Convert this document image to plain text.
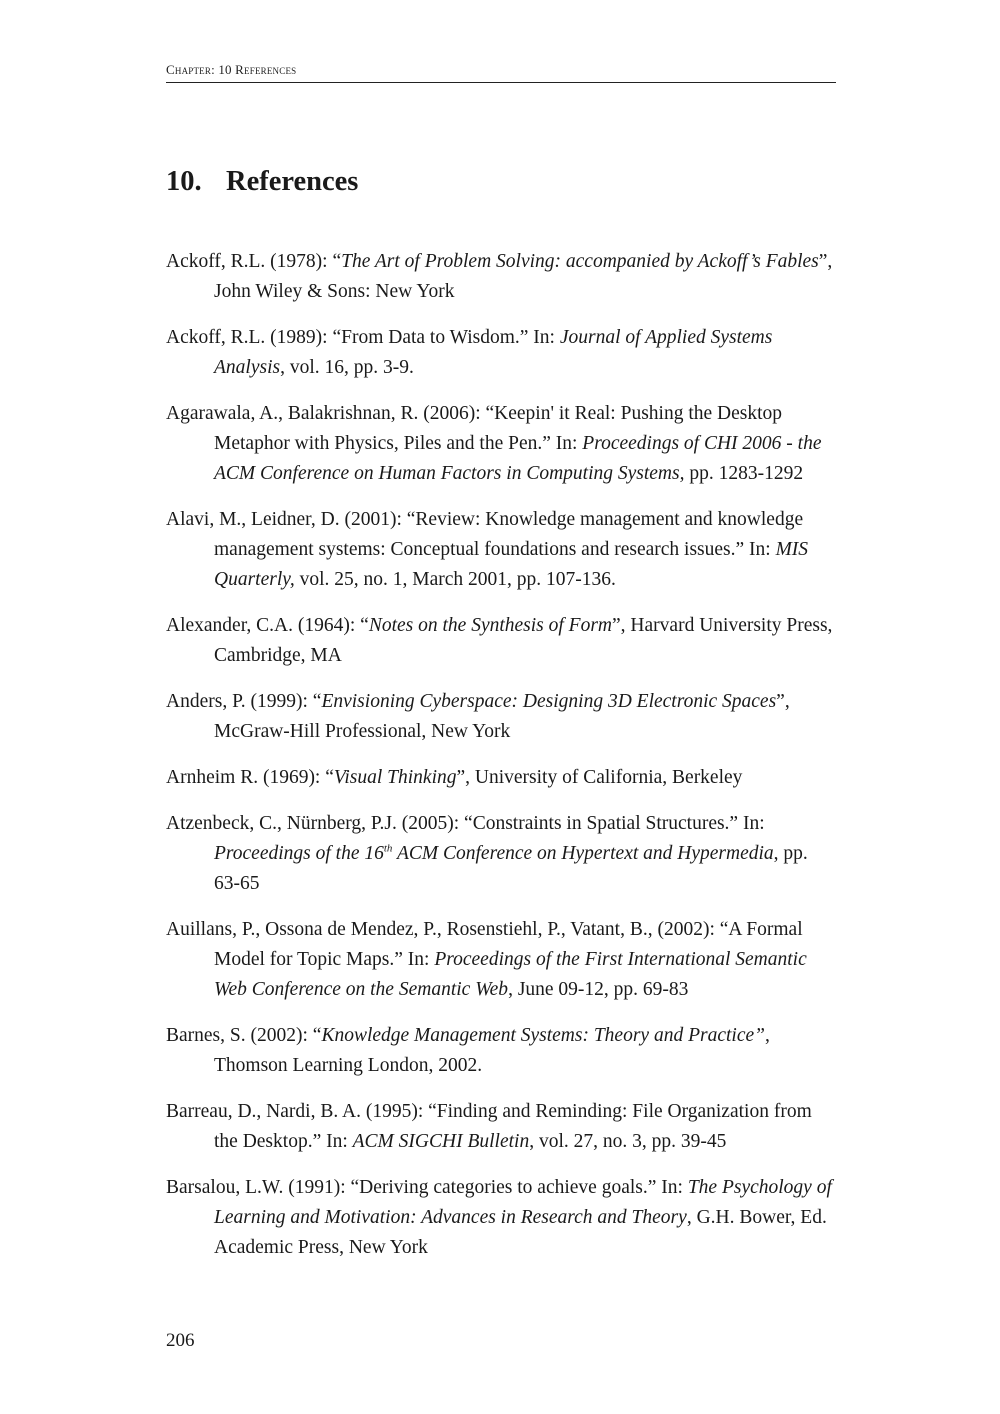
Chapter: 10 References
10. References

Ackoff, R.L. (1978): “The Art of Problem Solving: accompanied by Ackoff’s Fables”, John Wiley & Sons: New York

Ackoff, R.L. (1989): “From Data to Wisdom.” In: Journal of Applied Systems Analysis, vol. 16, pp. 3-9.

Agarawala, A., Balakrishnan, R. (2006): “Keepin' it Real: Pushing the Desktop Metaphor with Physics, Piles and the Pen.” In: Proceedings of CHI 2006 - the ACM Conference on Human Factors in Computing Systems, pp. 1283-1292

Alavi, M., Leidner, D. (2001): “Review: Knowledge management and knowledge management systems: Conceptual foundations and research issues.” In: MIS Quarterly, vol. 25, no. 1, March 2001, pp. 107-136.

Alexander, C.A. (1964): “Notes on the Synthesis of Form”, Harvard University Press, Cambridge, MA

Anders, P. (1999): “Envisioning Cyberspace: Designing 3D Electronic Spaces”, McGraw-Hill Professional, New York

Arnheim R. (1969): “Visual Thinking”, University of California, Berkeley

Atzenbeck, C., Nürnberg, P.J. (2005): “Constraints in Spatial Structures.” In: Proceedings of the 16th ACM Conference on Hypertext and Hypermedia, pp. 63-65

Auillans, P., Ossona de Mendez, P., Rosenstiehl, P., Vatant, B., (2002): “A Formal Model for Topic Maps.” In: Proceedings of the First International Semantic Web Conference on the Semantic Web, June 09-12, pp. 69-83

Barnes, S. (2002): “Knowledge Management Systems: Theory and Practice”, Thomson Learning London, 2002.

Barreau, D., Nardi, B. A. (1995): “Finding and Reminding: File Organization from the Desktop.” In: ACM SIGCHI Bulletin, vol. 27, no. 3, pp. 39-45

Barsalou, L.W. (1991): “Deriving categories to achieve goals.” In: The Psychology of Learning and Motivation: Advances in Research and Theory, G.H. Bower, Ed. Academic Press, New York

206
